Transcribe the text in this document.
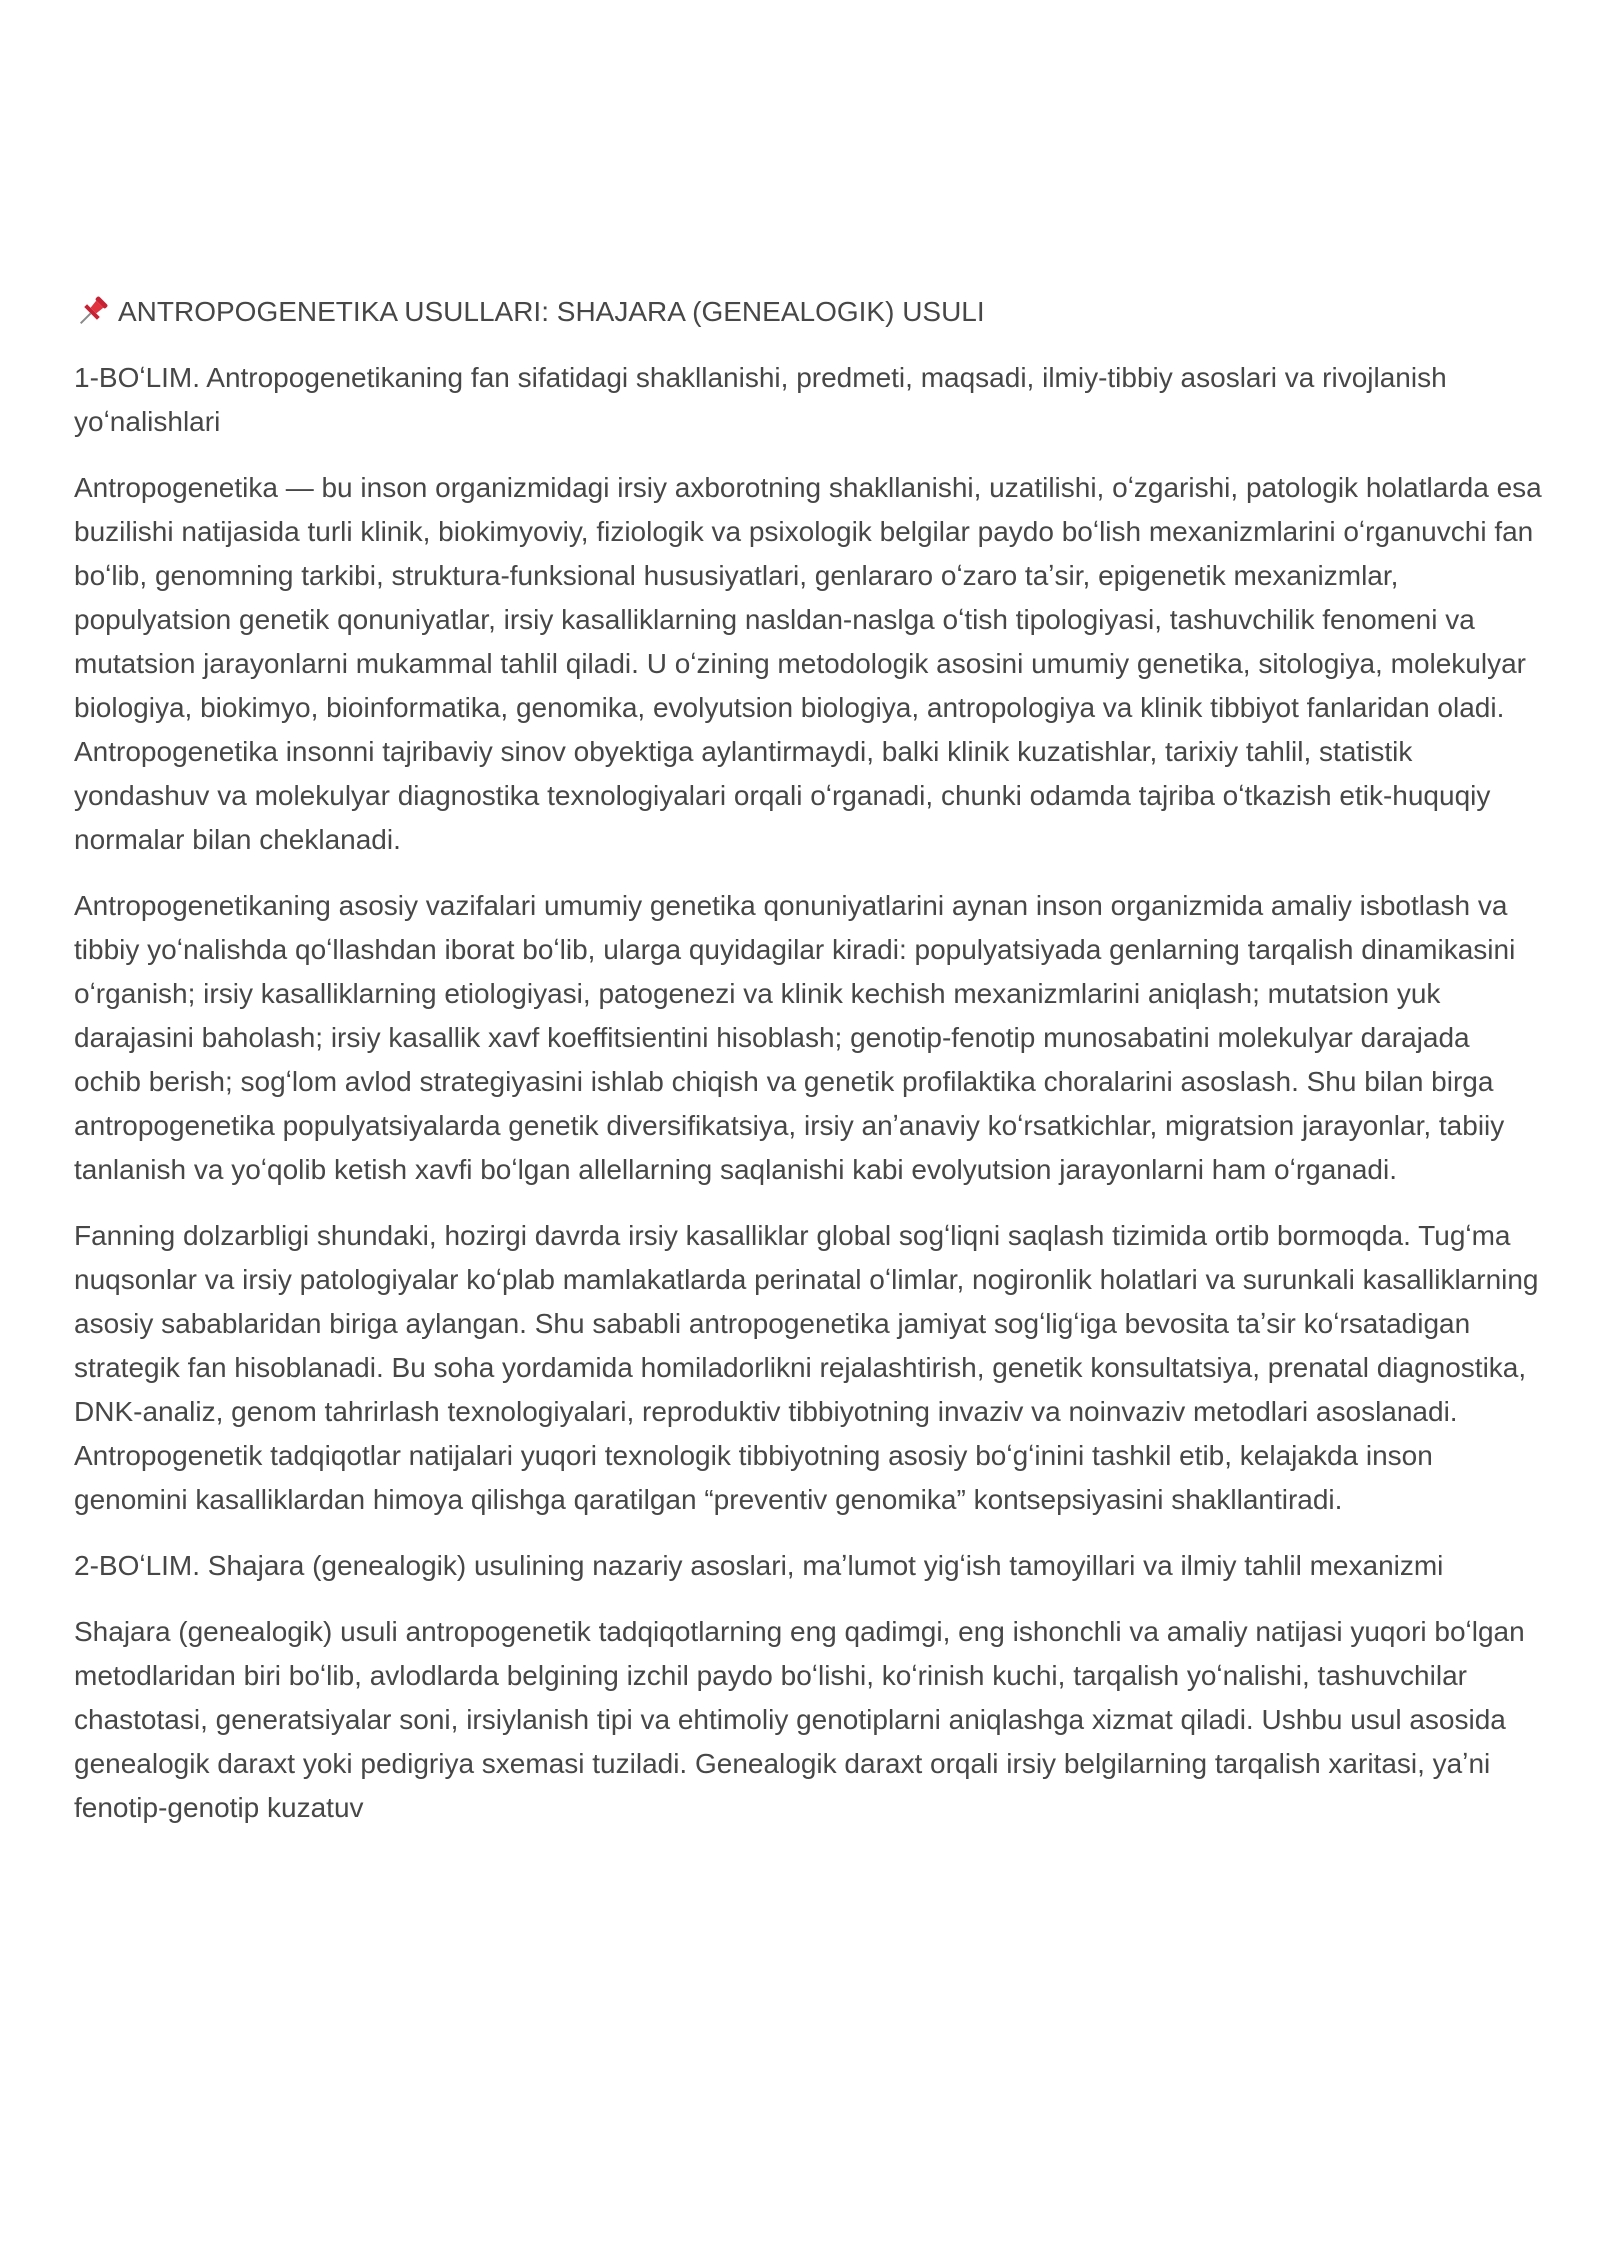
ANTROPOGENETIKA USULLARI: SHAJARA (GENEALOGIK) USULI
1-BOʻLIM. Antropogenetikaning fan sifatidagi shakllanishi, predmeti, maqsadi, ilmiy-tibbiy asoslari va rivojlanish yoʻnalishlari

Antropogenetika — bu inson organizmidagi irsiy axborotning shakllanishi, uzatilishi, oʻzgarishi, patologik holatlarda esa buzilishi natijasida turli klinik, biokimyoviy, fiziologik va psixologik belgilar paydo boʻlish mexanizmlarini oʻrganuvchi fan boʻlib, genomning tarkibi, struktura-funksional hususiyatlari, genlararo oʻzaro taʼsir, epigenetik mexanizmlar, populyatsion genetik qonuniyatlar, irsiy kasalliklarning nasldan-naslga oʻtish tipologiyasi, tashuvchilik fenomeni va mutatsion jarayonlarni mukammal tahlil qiladi. U oʻzining metodologik asosini umumiy genetika, sitologiya, molekulyar biologiya, biokimyo, bioinformatika, genomika, evolyutsion biologiya, antropologiya va klinik tibbiyot fanlaridan oladi. Antropogenetika insonni tajribaviy sinov obyektiga aylantirmaydi, balki klinik kuzatishlar, tarixiy tahlil, statistik yondashuv va molekulyar diagnostika texnologiyalari orqali oʻrganadi, chunki odamda tajriba oʻtkazish etik-huquqiy normalar bilan cheklanadi.

Antropogenetikaning asosiy vazifalari umumiy genetika qonuniyatlarini aynan inson organizmida amaliy isbotlash va tibbiy yoʻnalishda qoʻllashdan iborat boʻlib, ularga quyidagilar kiradi: populyatsiyada genlarning tarqalish dinamikasini oʻrganish; irsiy kasalliklarning etiologiyasi, patogenezi va klinik kechish mexanizmlarini aniqlash; mutatsion yuk darajasini baholash; irsiy kasallik xavf koeffitsientini hisoblash; genotip-fenotip munosabatini molekulyar darajada ochib berish; sogʻlom avlod strategiyasini ishlab chiqish va genetik profilaktika choralarini asoslash. Shu bilan birga antropogenetika populyatsiyalarda genetik diversifikatsiya, irsiy anʼanaviy koʻrsatkichlar, migratsion jarayonlar, tabiiy tanlanish va yoʻqolib ketish xavfi boʻlgan allellarning saqlanishi kabi evolyutsion jarayonlarni ham oʻrganadi.

Fanning dolzarbligi shundaki, hozirgi davrda irsiy kasalliklar global sogʻliqni saqlash tizimida ortib bormoqda. Tugʻma nuqsonlar va irsiy patologiyalar koʻplab mamlakatlarda perinatal oʻlimlar, nogironlik holatlari va surunkali kasalliklarning asosiy sabablaridan biriga aylangan. Shu sababli antropogenetika jamiyat sogʻligʻiga bevosita taʼsir koʻrsatadigan strategik fan hisoblanadi. Bu soha yordamida homiladorlikni rejalashtirish, genetik konsultatsiya, prenatal diagnostika, DNK-analiz, genom tahrirlash texnologiyalari, reproduktiv tibbiyotning invaziv va noinvaziv metodlari asoslanadi. Antropogenetik tadqiqotlar natijalari yuqori texnologik tibbiyotning asosiy boʻgʻinini tashkil etib, kelajakda inson genomini kasalliklardan himoya qilishga qaratilgan “preventiv genomika” kontsepsiyasini shakllantiradi.

2-BOʻLIM. Shajara (genealogik) usulining nazariy asoslari, maʼlumot yigʻish tamoyillari va ilmiy tahlil mexanizmi

Shajara (genealogik) usuli antropogenetik tadqiqotlarning eng qadimgi, eng ishonchli va amaliy natijasi yuqori boʻlgan metodlaridan biri boʻlib, avlodlarda belgining izchil paydo boʻlishi, koʻrinish kuchi, tarqalish yoʻnalishi, tashuvchilar chastotasi, generatsiyalar soni, irsiylanish tipi va ehtimoliy genotiplarni aniqlashga xizmat qiladi. Ushbu usul asosida genealogik daraxt yoki pedigriya sxemasi tuziladi. Genealogik daraxt orqali irsiy belgilarning tarqalish xaritasi, yaʼni fenotip-genotip kuzatuv
